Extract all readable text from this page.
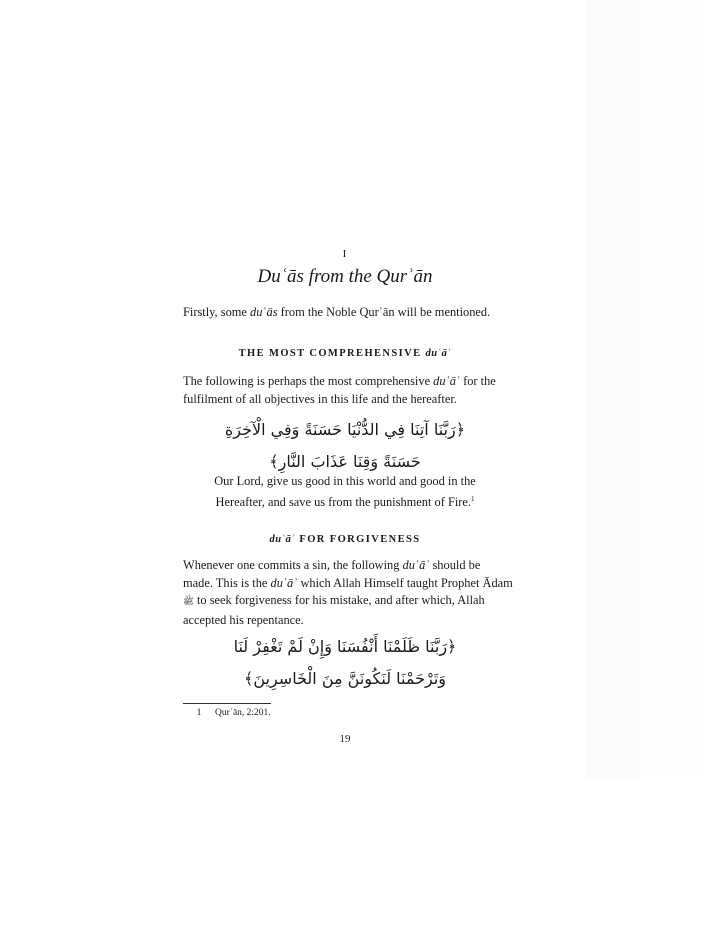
I
Duʿās from the Qurʾān

Firstly, some duʿās from the Noble Qurʾān will be mentioned.

THE MOST COMPREHENSIVE duʿāʾ

The following is perhaps the most comprehensive duʿāʾ for the fulfilment of all objectives in this life and the hereafter.

﴿رَبَّنَا آتِنَا فِي الدُّنْيَا حَسَنَةً وَفِي الْآخِرَةِ
حَسَنَةً وَقِنَا عَذَابَ النَّارِ﴾

Our Lord, give us good in this world and good in the Hereafter, and save us from the punishment of Fire.$^1$

duʿāʾ FOR FORGIVENESS

Whenever one commits a sin, the following duʿāʾ should be made. This is the duʿāʾ which Allah Himself taught Prophet Ādam ﷺ to seek forgiveness for his mistake, and after which, Allah accepted his repentance.

﴿رَبَّنَا ظَلَمْنَا أَنْفُسَنَا وَإِنْ لَمْ تَغْفِرْ لَنَا
وَتَرْحَمْنَا لَنَكُونَنَّ مِنَ الْخَاسِرِينَ﴾
1 Qurʾān, 2:201.
19
